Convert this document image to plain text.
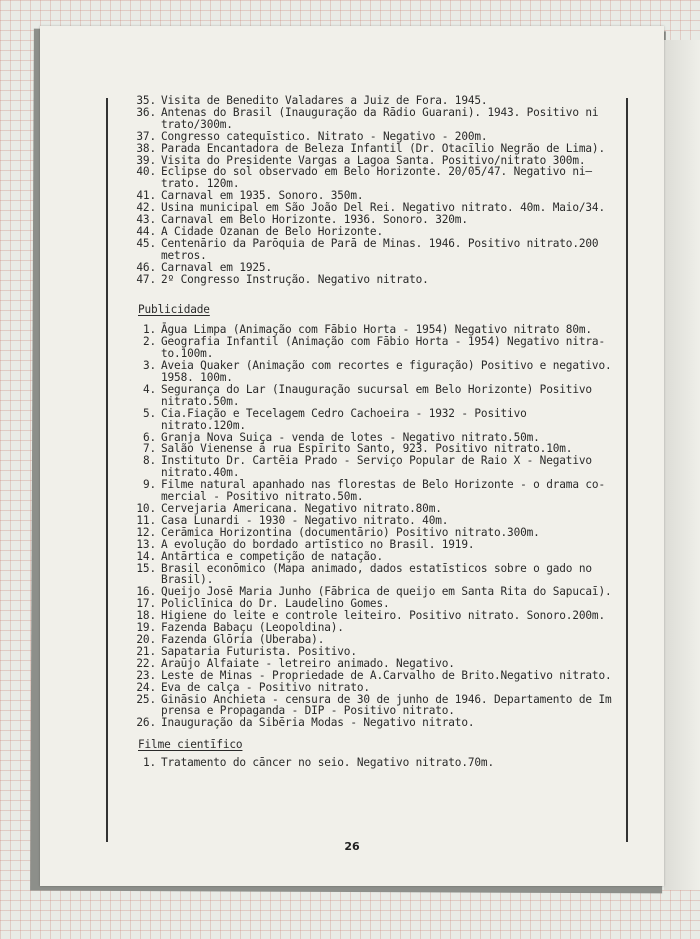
35. Visita de Benedito Valadares a Juiz de Fora. 1945.
36. Antenas do Brasil (Inauguração da Rādio Guarani). 1943. Positivo ni
trato/300m.
37. Congresso catequīstico. Nitrato - Negativo - 200m.
38. Parada Encantadora de Beleza Infantil (Dr. Otacīlio Negrão de Lima).
39. Visita do Presidente Vargas a Lagoa Santa. Positivo/nitrato 300m.
40. Eclipse do sol observado em Belo Horizonte. 20/05/47. Negativo ni—
trato. 120m.
41. Carnaval em 1935. Sonoro. 350m.
42. Usina municipal em São João Del Rei. Negativo nitrato. 40m. Maio/34.
43. Carnaval em Belo Horizonte. 1936. Sonoro. 320m.
44. A Cidade Ozanan de Belo Horizonte.
45. Centenārio da Parōquia de Parā de Minas. 1946. Positivo nitrato.200
metros.
46. Carnaval em 1925.
47. 2º Congresso Instrução. Negativo nitrato.
Publicidade
1. Āgua Limpa (Animação com Fābio Horta - 1954) Negativo nitrato 80m.
2. Geografia Infantil (Animação com Fābio Horta - 1954) Negativo nitra-
to.100m.
3. Aveia Quaker (Animação com recortes e figuração) Positivo e negativo.
1958. 100m.
4. Segurança do Lar (Inauguração sucursal em Belo Horizonte) Positivo
nitrato.50m.
5. Cia.Fiação e Tecelagem Cedro Cachoeira - 1932 - Positivo nitrato.120m.
6. Granja Nova Suiça - venda de lotes - Negativo nitrato.50m.
7. Salão Vienense ā rua Espīrito Santo, 923. Positivo nitrato.10m.
8. Instituto Dr. Cartēia Prado - Serviço Popular de Raio X - Negativo
nitrato.40m.
9. Filme natural apanhado nas florestas de Belo Horizonte - o drama co-
mercial - Positivo nitrato.50m.
10. Cervejaria Americana. Negativo nitrato.80m.
11. Casa Lunardi - 1930 - Negativo nitrato. 40m.
12. Cerāmica Horizontina (documentārio) Positivo nitrato.300m.
13. A evolução do bordado artīstico no Brasil. 1919.
14. Antārtica e competição de natação.
15. Brasil econōmico (Mapa animado, dados estatīsticos sobre o gado no
Brasil).
16. Queijo Josē Maria Junho (Fābrica de queijo em Santa Rita do Sapucaī).
17. Policlīnica do Dr. Laudelino Gomes.
18. Higiene do leite e controle leiteiro. Positivo nitrato. Sonoro.200m.
19. Fazenda Babaçu (Leopoldina).
20. Fazenda Glōria (Uberaba).
21. Sapataria Futurista. Positivo.
22. Araūjo Alfaiate - letreiro animado. Negativo.
23. Leste de Minas - Propriedade de A.Carvalho de Brito.Negativo nitrato.
24. Eva de calça - Positivo nitrato.
25. Gināsio Anchieta - censura de 30 de junho de 1946. Departamento de Im
prensa e Propaganda - DIP - Positivo nitrato.
26. Inauguração da Sibēria Modas - Negativo nitrato.
Filme cientīfico
1. Tratamento do cāncer no seio. Negativo nitrato.70m.
26
